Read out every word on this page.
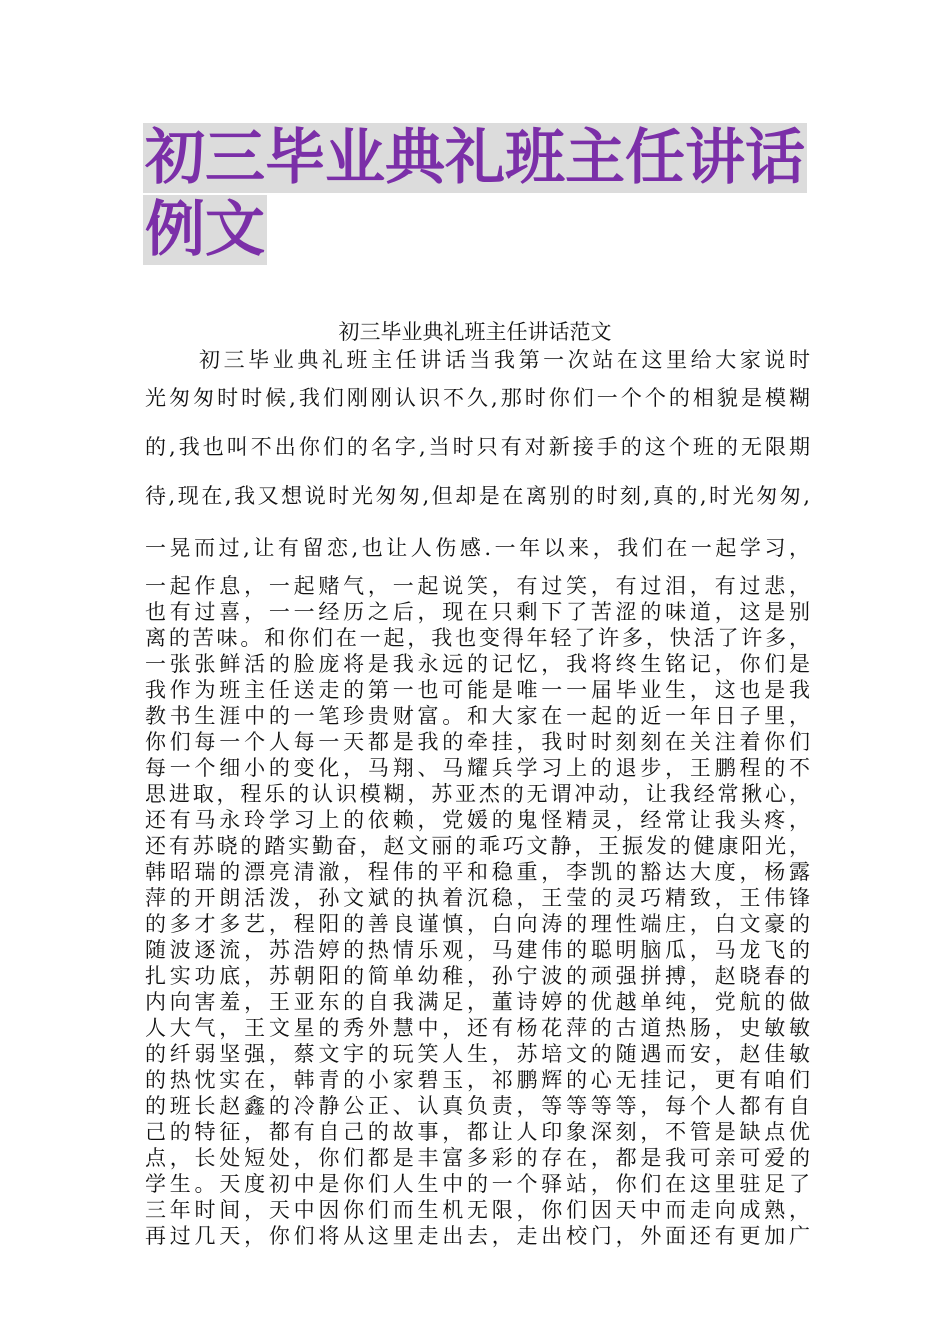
初三毕业典礼班主任讲话
例文
初三毕业典礼班主任讲话范文
初三毕业典礼班主任讲话当我第一次站在这里给大家说时
光匆匆时时候,我们刚刚认识不久,那时你们一个个的相貌是模糊
的,我也叫不出你们的名字,当时只有对新接手的这个班的无限期
待,现在,我又想说时光匆匆,但却是在离别的时刻,真的,时光匆匆,
一晃而过,让有留恋,也让人伤感.一年以来，我们在一起学习，
一起作息，一起赌气，一起说笑，有过笑，有过泪，有过悲，
也有过喜，一一经历之后，现在只剩下了苦涩的味道，这是别
离的苦味。和你们在一起，我也变得年轻了许多，快活了许多，
一张张鲜活的脸庞将是我永远的记忆，我将终生铭记，你们是
我作为班主任送走的第一也可能是唯一一届毕业生，这也是我
教书生涯中的一笔珍贵财富。和大家在一起的近一年日子里，
你们每一个人每一天都是我的牵挂，我时时刻刻在关注着你们
每一个细小的变化，马翔、马耀兵学习上的退步，王鹏程的不
思进取，程乐的认识模糊，苏亚杰的无谓冲动，让我经常揪心，
还有马永玲学习上的依赖，党媛的鬼怪精灵，经常让我头疼，
还有苏晓的踏实勤奋，赵文丽的乖巧文静，王振发的健康阳光，
韩昭瑞的漂亮清澈，程伟的平和稳重，李凯的豁达大度，杨露
萍的开朗活泼，孙文斌的执着沉稳，王莹的灵巧精致，王伟锋
的多才多艺，程阳的善良谨慎，白向涛的理性端庄，白文豪的
随波逐流，苏浩婷的热情乐观，马建伟的聪明脑瓜，马龙飞的
扎实功底，苏朝阳的简单幼稚，孙宁波的顽强拼搏，赵晓春的
内向害羞，王亚东的自我满足，董诗婷的优越单纯，党航的做
人大气，王文星的秀外慧中，还有杨花萍的古道热肠，史敏敏
的纤弱坚强，蔡文宇的玩笑人生，苏培文的随遇而安，赵佳敏
的热忱实在，韩青的小家碧玉，祁鹏辉的心无挂记，更有咱们
的班长赵鑫的冷静公正、认真负责，等等等等，每个人都有自
己的特征，都有自己的故事，都让人印象深刻，不管是缺点优
点，长处短处，你们都是丰富多彩的存在，都是我可亲可爱的
学生。天度初中是你们人生中的一个驿站，你们在这里驻足了
三年时间，天中因你们而生机无限，你们因天中而走向成熟，
再过几天，你们将从这里走出去，走出校门，外面还有更加广
